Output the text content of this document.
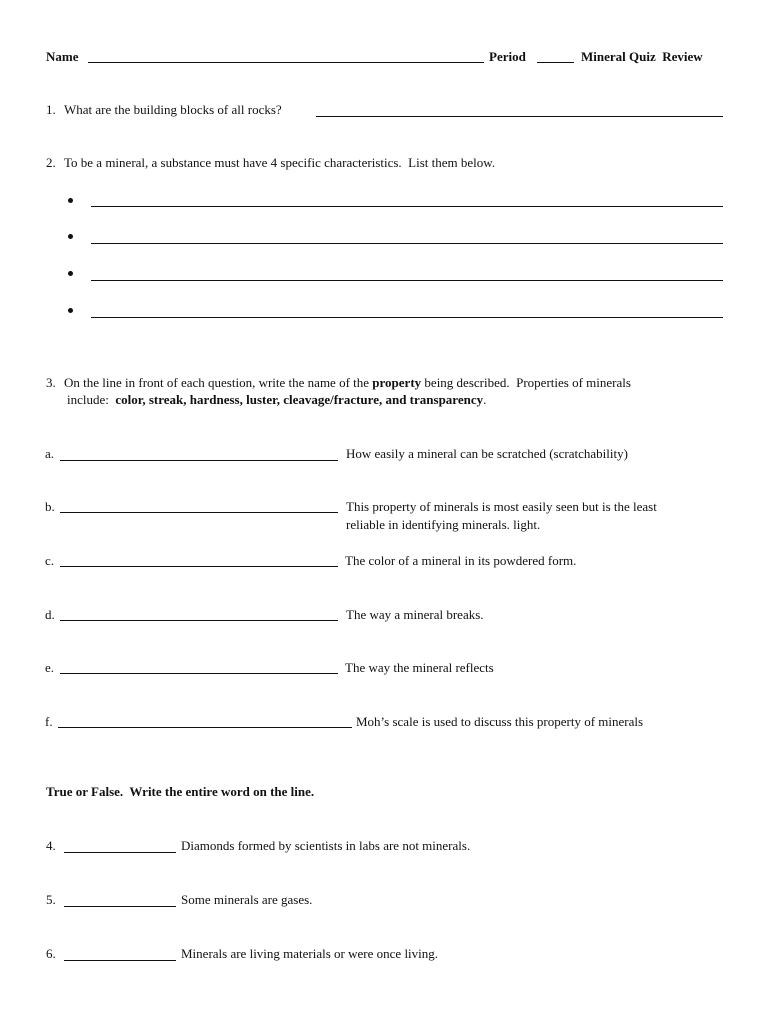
Name	Period	Mineral Quiz  Review
1. What are the building blocks of all rocks?
2. To be a mineral, a substance must have 4 specific characteristics.  List them below.
3. On the line in front of each question, write the name of the property being described.  Properties of minerals
include:  color, streak, hardness, luster, cleavage/fracture, and transparency.
a.	How easily a mineral can be scratched (scratchability)
b.	This property of minerals is most easily seen but is the least
reliable in identifying minerals. light.
c.	The color of a mineral in its powdered form.
d.	The way a mineral breaks.
e.	The way the mineral reflects
f.	Moh’s scale is used to discuss this property of minerals
True or False.  Write the entire word on the line.
4.	Diamonds formed by scientists in labs are not minerals.
5.	Some minerals are gases.
6.	Minerals are living materials or were once living.
